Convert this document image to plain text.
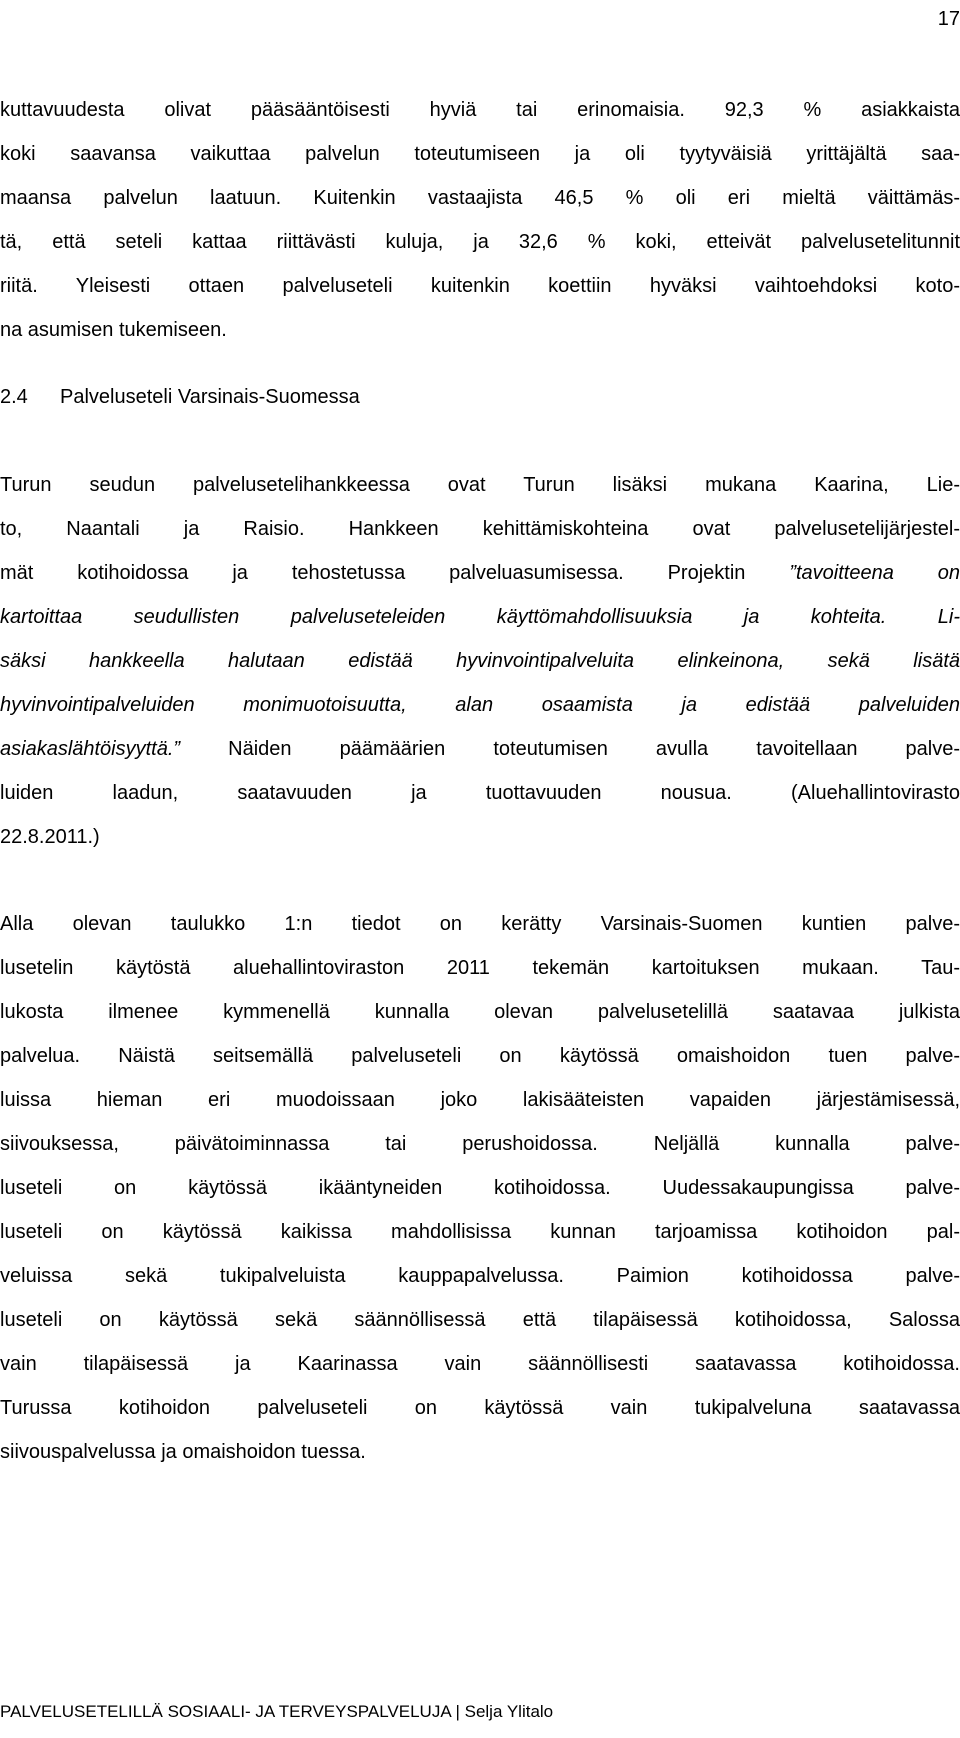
17
kuttavuudesta olivat pääsääntöisesti hyviä tai erinomaisia. 92,3 % asiakkaista
koki saavansa vaikuttaa palvelun toteutumiseen ja oli tyytyväisiä yrittäjältä saa-
maansa palvelun laatuun. Kuitenkin vastaajista 46,5 % oli eri mieltä väittämäs-
tä, että seteli kattaa riittävästi kuluja, ja 32,6 % koki, etteivät palvelusetelitunnit
riitä. Yleisesti ottaen palveluseteli kuitenkin koettiin hyväksi vaihtoehdoksi koto-
na asumisen tukemiseen.
2.4 Palveluseteli Varsinais-Suomessa
Turun seudun palvelusetelihankkeessa ovat Turun lisäksi mukana Kaarina, Lie-
to, Naantali ja Raisio. Hankkeen kehittämiskohteina ovat palvelusetelijärjestel-
mät kotihoidossa ja tehostetussa palveluasumisessa. Projektin ”tavoitteena on
kartoittaa seudullisten palveluseteleiden käyttömahdollisuuksia ja kohteita. Li-
säksi hankkeella halutaan edistää hyvinvointipalveluita elinkeinona, sekä lisätä
hyvinvointipalveluiden monimuotoisuutta, alan osaamista ja edistää palveluiden
asiakaslähtöisyyttä.” Näiden päämäärien toteutumisen avulla tavoitellaan palve-
luiden laadun, saatavuuden ja tuottavuuden nousua. (Aluehallintovirasto
22.8.2011.)
Alla olevan taulukko 1:n tiedot on kerätty Varsinais-Suomen kuntien palve-
lusetelin käytöstä aluehallintoviraston 2011 tekemän kartoituksen mukaan. Tau-
lukosta ilmenee kymmenellä kunnalla olevan palvelusetelillä saatavaa julkista
palvelua. Näistä seitsemällä palveluseteli on käytössä omaishoidon tuen palve-
luissa hieman eri muodoissaan joko lakisääteisten vapaiden järjestämisessä,
siivouksessa, päivätoiminnassa tai perushoidossa. Neljällä kunnalla palve-
luseteli on käytössä ikääntyneiden kotihoidossa. Uudessakaupungissa palve-
luseteli on käytössä kaikissa mahdollisissa kunnan tarjoamissa kotihoidon pal-
veluissa sekä tukipalveluista kauppapalvelussa. Paimion kotihoidossa palve-
luseteli on käytössä sekä säännöllisessä että tilapäisessä kotihoidossa, Salossa
vain tilapäisessä ja Kaarinassa vain säännöllisesti saatavassa kotihoidossa.
Turussa kotihoidon palveluseteli on käytössä vain tukipalveluna saatavassa
siivouspalvelussa ja omaishoidon tuessa.
PALVELUSETELILLÄ SOSIAALI- JA TERVEYSPALVELUJA | Selja Ylitalo
